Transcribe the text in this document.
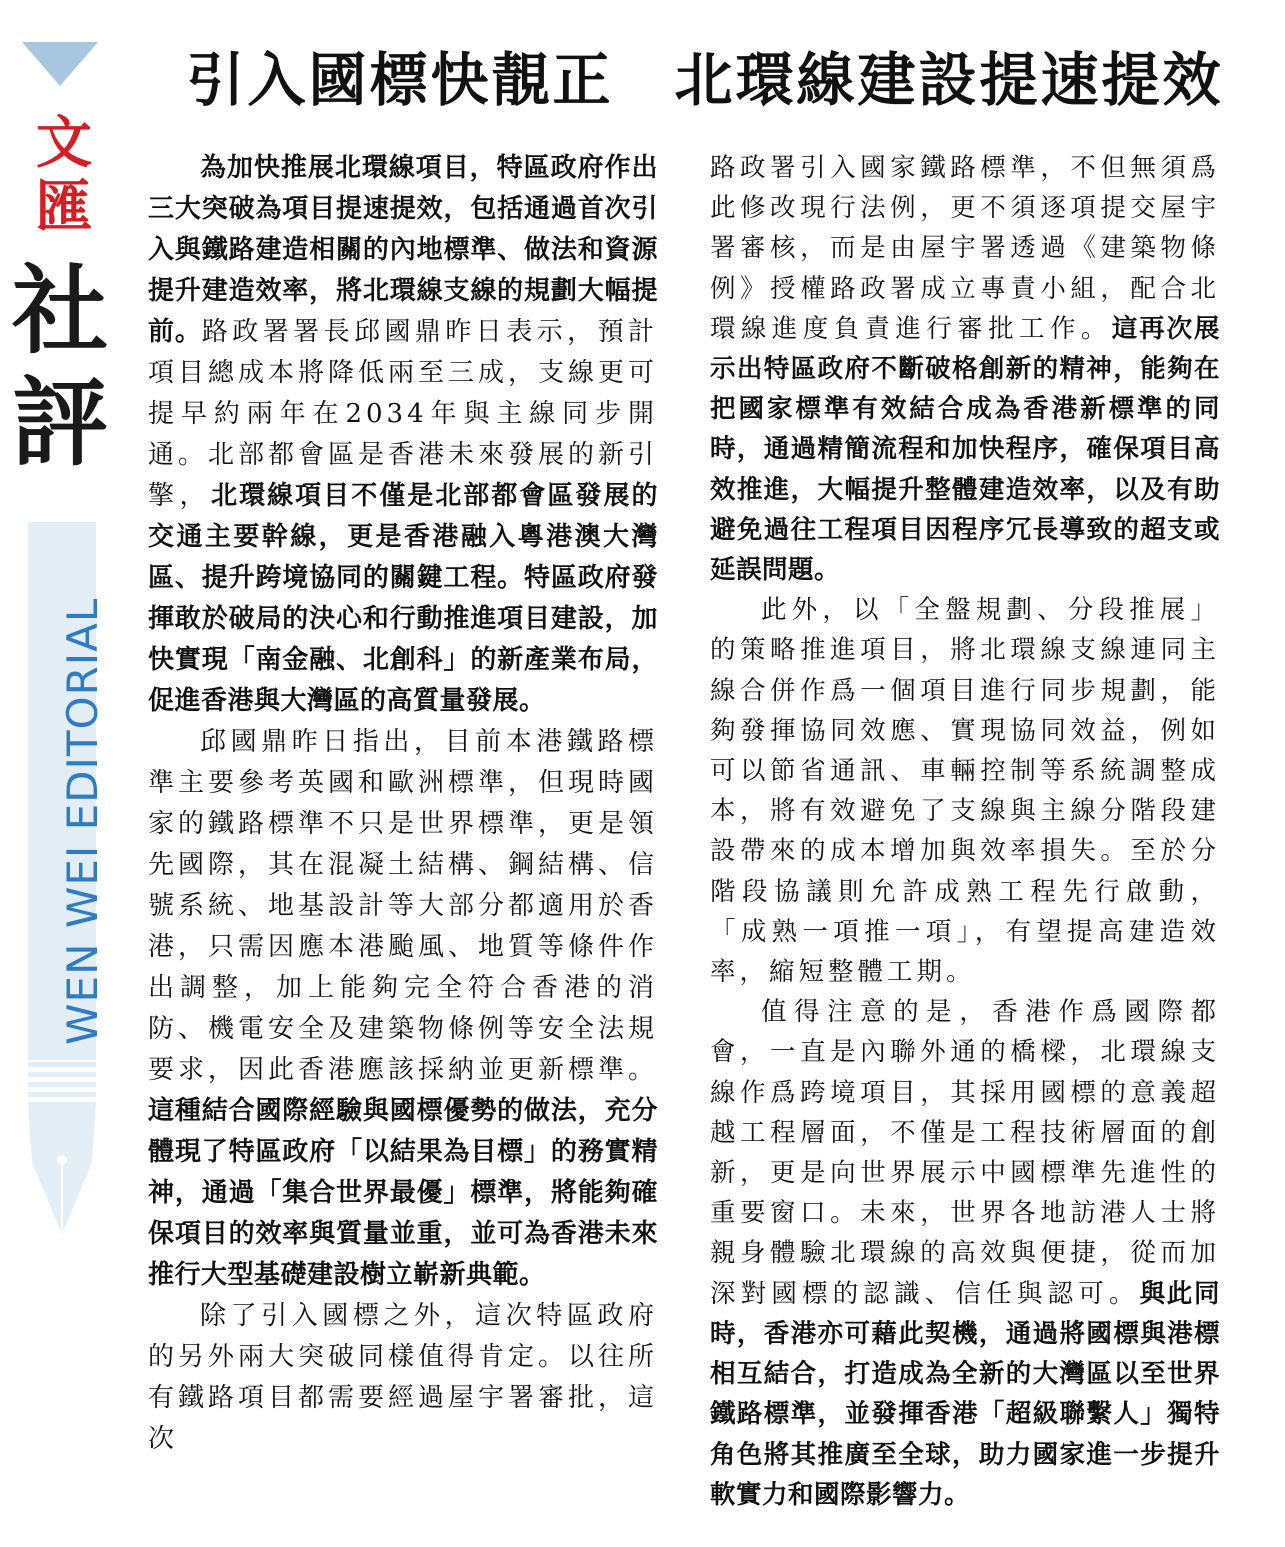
文匯
社評
WEN WEI EDITORIAL
引入國標快靚正　北環線建設提速提效

為加快推展北環線項目，特區政府作出三大突破為項目提速提效，包括通過首次引入與鐵路建造相關的內地標準、做法和資源提升建造效率，將北環線支線的規劃大幅提前。路政署署長邱國鼎昨日表示，預計項目總成本將降低兩至三成，支線更可提早約兩年在2034年與主線同步開通。北部都會區是香港未來發展的新引擎，北環線項目不僅是北部都會區發展的交通主要幹線，更是香港融入粵港澳大灣區、提升跨境協同的關鍵工程。特區政府發揮敢於破局的決心和行動推進項目建設，加快實現「南金融、北創科」的新產業布局，促進香港與大灣區的高質量發展。

邱國鼎昨日指出，目前本港鐵路標準主要參考英國和歐洲標準，但現時國家的鐵路標準不只是世界標準，更是領先國際，其在混凝土結構、鋼結構、信號系統、地基設計等大部分都適用於香港，只需因應本港颱風、地質等條件作出調整，加上能夠完全符合香港的消防、機電安全及建築物條例等安全法規要求，因此香港應該採納並更新標準。這種結合國際經驗與國標優勢的做法，充分體現了特區政府「以結果為目標」的務實精神，通過「集合世界最優」標準，將能夠確保項目的效率與質量並重，並可為香港未來推行大型基礎建設樹立嶄新典範。

除了引入國標之外，這次特區政府的另外兩大突破同樣值得肯定。以往所有鐵路項目都需要經過屋宇署審批，這次

路政署引入國家鐵路標準，不但無須爲此修改現行法例，更不須逐項提交屋宇署審核，而是由屋宇署透過《建築物條例》授權路政署成立專責小組，配合北環線進度負責進行審批工作。這再次展示出特區政府不斷破格創新的精神，能夠在把國家標準有效結合成為香港新標準的同時，通過精簡流程和加快程序，確保項目高效推進，大幅提升整體建造效率，以及有助避免過往工程項目因程序冗長導致的超支或延誤問題。

此外，以「全盤規劃、分段推展」的策略推進項目，將北環線支線連同主線合併作爲一個項目進行同步規劃，能夠發揮協同效應、實現協同效益，例如可以節省通訊、車輛控制等系統調整成本，將有效避免了支線與主線分階段建設帶來的成本增加與效率損失。至於分階段協議則允許成熟工程先行啟動，「成熟一項推一項」，有望提高建造效率，縮短整體工期。

值得注意的是，香港作爲國際都會，一直是內聯外通的橋樑，北環線支線作爲跨境項目，其採用國標的意義超越工程層面，不僅是工程技術層面的創新，更是向世界展示中國標準先進性的重要窗口。未來，世界各地訪港人士將親身體驗北環線的高效與便捷，從而加深對國標的認識、信任與認可。與此同時，香港亦可藉此契機，通過將國標與港標相互結合，打造成為全新的大灣區以至世界鐵路標準，並發揮香港「超級聯繫人」獨特角色將其推廣至全球，助力國家進一步提升軟實力和國際影響力。
